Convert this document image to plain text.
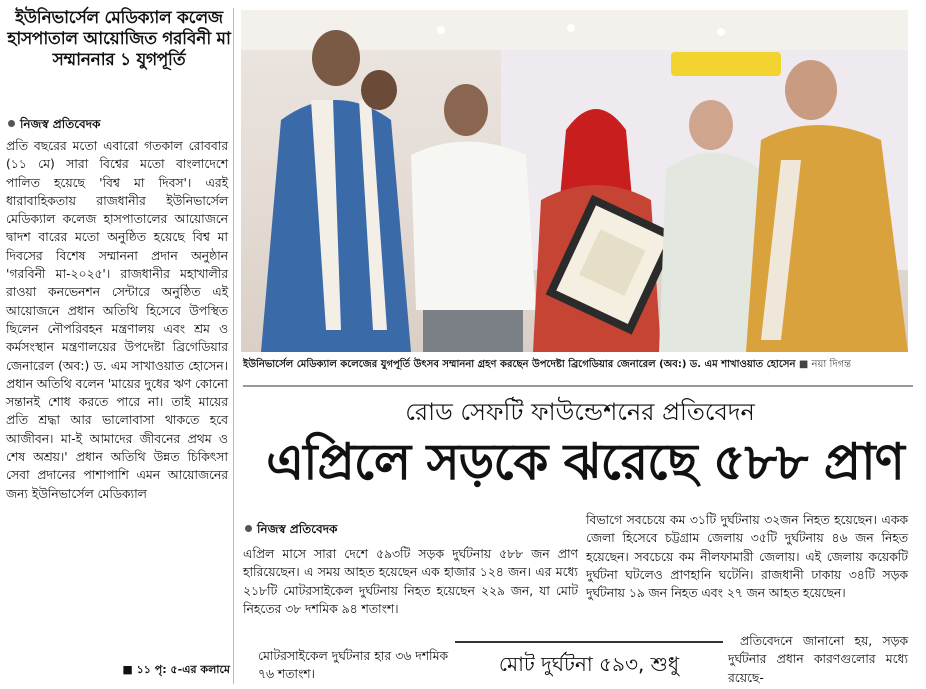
ইউনিভার্সেল মেডিক্যাল কলেজ হাসপাতাল আয়োজিত গরবিনী মা সম্মাননার ১ যুগপূর্তি
নিজস্ব প্রতিবেদক
প্রতি বছরের মতো এবারো গতকাল রোববার (১১ মে) সারা বিশ্বের মতো বাংলাদেশে পালিত হয়েছে 'বিশ্ব মা দিবস'। এরই ধারাবাহিকতায় রাজধানীর ইউনিভার্সেল মেডিক্যাল কলেজ হাসপাতালের আয়োজনে দ্বাদশ বারের মতো অনুষ্ঠিত হয়েছে বিশ্ব মা দিবসের বিশেষ সম্মাননা প্রদান অনুষ্ঠান 'গরবিনী মা-২০২৫'। রাজধানীর মহাখালীর রাওয়া কনভেনশন সেন্টারে অনুষ্ঠিত এই আয়োজনে প্রধান অতিথি হিসেবে উপস্থিত ছিলেন নৌপরিবহন মন্ত্রণালয় এবং শ্রম ও কর্মসংস্থান মন্ত্রণালয়ের উপদেষ্টা ব্রিগেডিয়ার জেনারেল (অব:) ড. এম সাখাওয়াত হোসেন। প্রধান অতিথি বলেন 'মায়ের দুধের ঋণ কোনো সন্তানই শোধ করতে পারে না। তাই মায়ের প্রতি শ্রদ্ধা আর ভালোবাসা থাকতে হবে আজীবন। মা-ই আমাদের জীবনের প্রথম ও শেষ অশ্রয়।' প্রধান অতিথি উন্নত চিকিৎসা সেবা প্রদানের পাশাপাশি এমন আয়োজনের জন্য ইউনিভার্সেল মেডিক্যাল
■ ১১ পৃ: ৫-এর কলামে
ইউনিভার্সেল মেডিক্যাল কলেজের যুগপূর্তি উৎসব সম্মাননা গ্রহণ করছেন উপদেষ্টা ব্রিগেডিয়ার জেনারেল (অব:) ড. এম শাখাওয়াত হোসেন ■ নয়া দিগন্ত
রোড সেফটি ফাউন্ডেশনের প্রতিবেদন
এপ্রিলে সড়কে ঝরেছে ৫৮৮ প্রাণ
নিজস্ব প্রতিবেদক
এপ্রিল মাসে সারা দেশে ৫৯৩টি সড়ক দুর্ঘটনায় ৫৮৮ জন প্রাণ হারিয়েছেন। এ সময় আহত হয়েছেন এক হাজার ১২৪ জন। এর মধ্যে ২১৮টি মোটরসাইকেল দুর্ঘটনায় নিহত হয়েছেন ২২৯ জন, যা মোট নিহতের ৩৮ দশমিক ৯৪ শতাংশ।
মোটরসাইকেল দুর্ঘটনার হার ৩৬ দশমিক ৭৬ শতাংশ।
বিভাগে সবচেয়ে কম ৩১টি দুর্ঘটনায় ৩২জন নিহত হয়েছেন। একক জেলা হিসেবে চট্টগ্রাম জেলায় ৩৫টি দুর্ঘটনায় ৪৬ জন নিহত হয়েছেন। সবচেয়ে কম নীলফামারী জেলায়। এই জেলায় কয়েকটি দুর্ঘটনা ঘটলেও প্রাণহানি ঘটেনি। রাজধানী ঢাকায় ৩৪টি সড়ক দুর্ঘটনায় ১৯ জন নিহত এবং ২৭ জন আহত হয়েছেন।
প্রতিবেদনে জানানো হয়, সড়ক দুর্ঘটনার প্রধান কারণগুলোর মধ্যে রয়েছে-
মোট দুর্ঘটনা ৫৯৩, শুধু
